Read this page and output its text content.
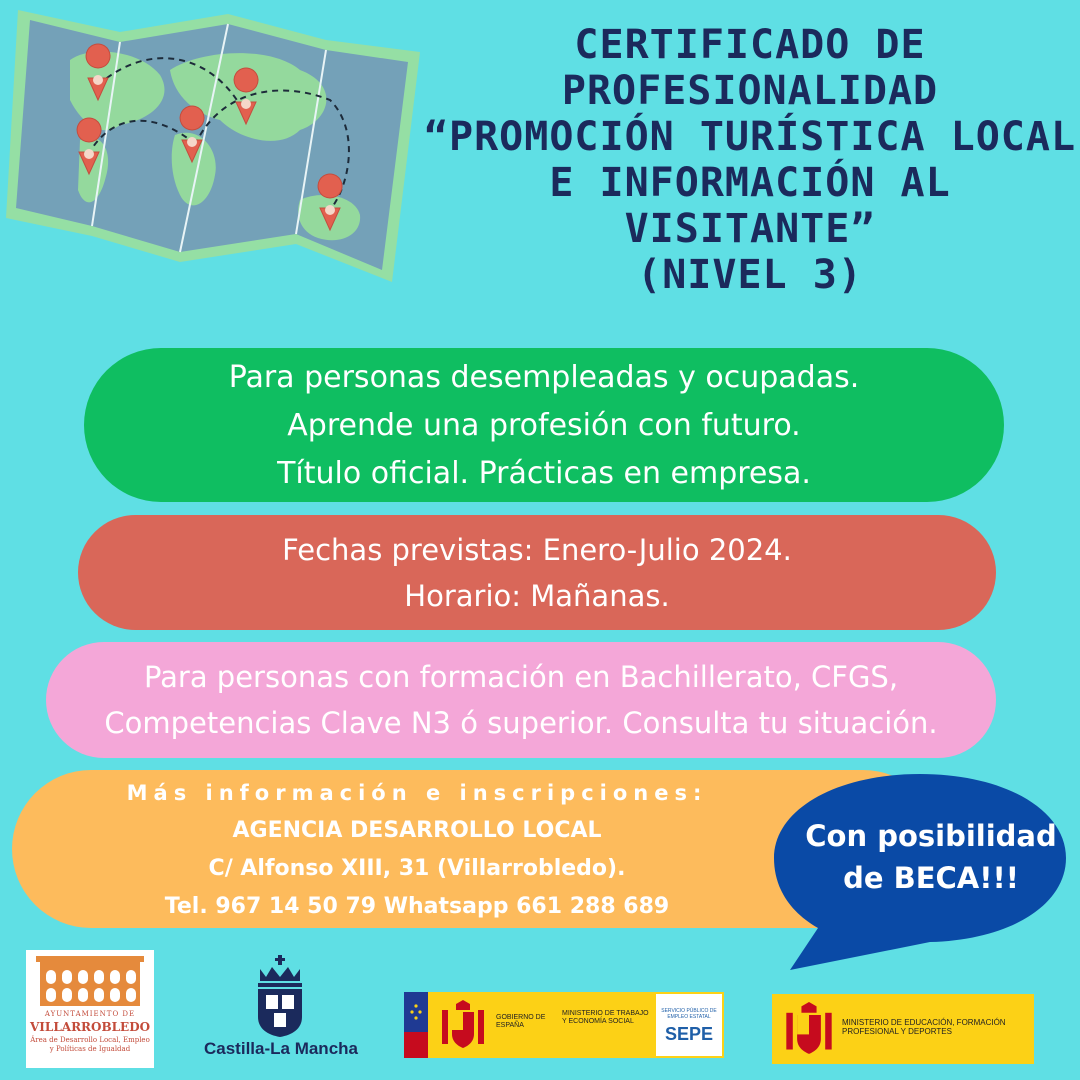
CERTIFICADO DE
PROFESIONALIDAD
“PROMOCIÓN TURÍSTICA LOCAL
E INFORMACIÓN AL
VISITANTE”
(NIVEL 3)
Para personas desempleadas y ocupadas.
Aprende una profesión con futuro.
Título oficial. Prácticas en empresa.
Fechas previstas: Enero-Julio 2024.
Horario: Mañanas.
Para personas con formación en Bachillerato, CFGS,
Competencias Clave N3 ó superior. Consulta tu situación.
Más información e inscripciones:
AGENCIA DESARROLLO LOCAL
C/ Alfonso XIII, 31 (Villarrobledo).
Tel. 967 14 50 79 Whatsapp 661 288 689
Con posibilidad
de BECA!!!
AYUNTAMIENTO DE
VILLARROBLEDO
Área de Desarrollo Local, Empleo y Políticas de Igualdad	Castilla-La Mancha
GOBIERNO DE ESPAÑA
MINISTERIO DE TRABAJO Y ECONOMÍA SOCIAL
SERVICIO PÚBLICO DE EMPLEO ESTATAL
SEPE
MINISTERIO DE EDUCACIÓN, FORMACIÓN PROFESIONAL Y DEPORTES
